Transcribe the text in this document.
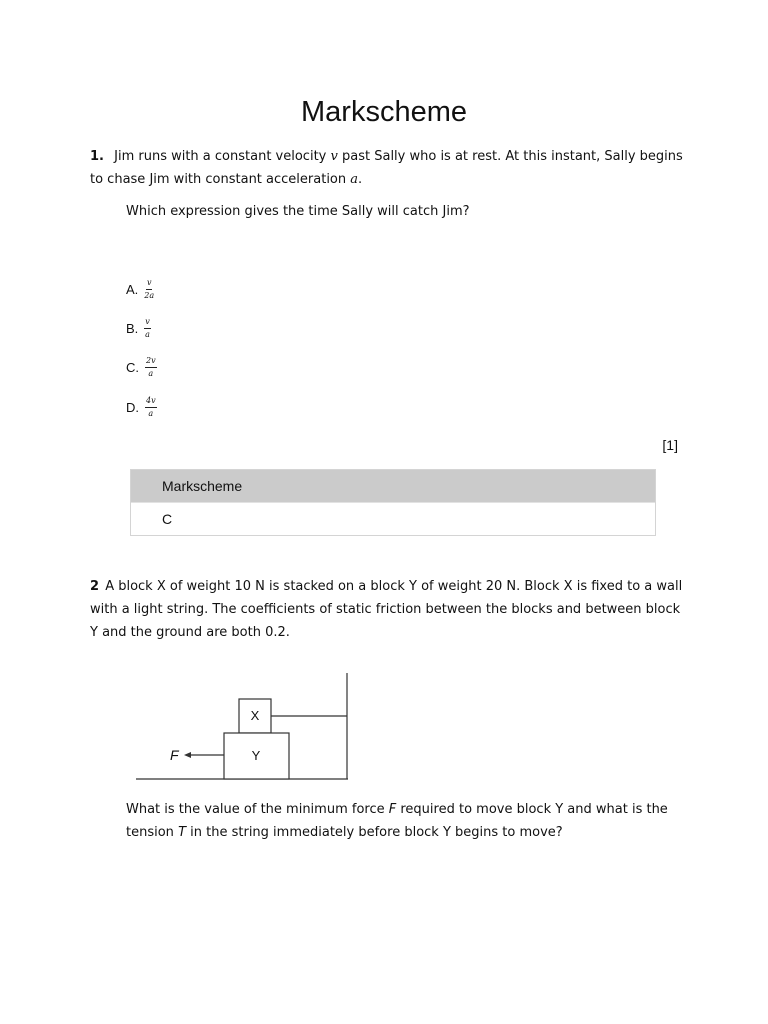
Markscheme
1. Jim runs with a constant velocity v past Sally who is at rest. At this instant, Sally begins to chase Jim with constant acceleration a.
Which expression gives the time Sally will catch Jim?
A. $\frac{v}{2a}$
B. $\frac{v}{a}$
C. $\frac{2v}{a}$
D. $\frac{4v}{a}$
[1]
Markscheme
C
2 A block X of weight 10 N is stacked on a block Y of weight 20 N. Block X is fixed to a wall with a light string. The coefficients of static friction between the blocks and between block Y and the ground are both 0.2.
X
Y
F
What is the value of the minimum force F required to move block Y and what is the tension T in the string immediately before block Y begins to move?
